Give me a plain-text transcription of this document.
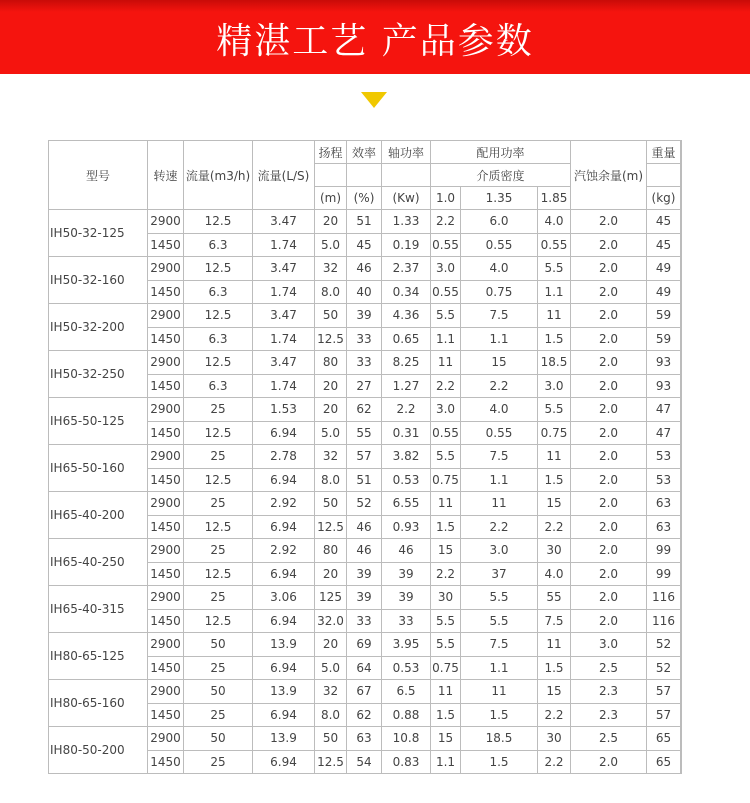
精湛工艺 产品参数
型号	转速	流量(m3/h)	流量(L/S)	扬程	效率	轴功率	配用功率			汽蚀余量(m)	重量	
							介质密度					
				(m)	(%)	(Kw)	1.0	1.35	1.85		(kg)	
IH50-32-125	2900	12.5	3.47	20	51	1.33	2.2	6.0	4.0	2.0	45	
	1450	6.3	1.74	5.0	45	0.19	0.55	0.55	0.55	2.0	45	
IH50-32-160	2900	12.5	3.47	32	46	2.37	3.0	4.0	5.5	2.0	49	
	1450	6.3	1.74	8.0	40	0.34	0.55	0.75	1.1	2.0	49	
IH50-32-200	2900	12.5	3.47	50	39	4.36	5.5	7.5	11	2.0	59	
	1450	6.3	1.74	12.5	33	0.65	1.1	1.1	1.5	2.0	59	
IH50-32-250	2900	12.5	3.47	80	33	8.25	11	15	18.5	2.0	93	
	1450	6.3	1.74	20	27	1.27	2.2	2.2	3.0	2.0	93	
IH65-50-125	2900	25	1.53	20	62	2.2	3.0	4.0	5.5	2.0	47	
	1450	12.5	6.94	5.0	55	0.31	0.55	0.55	0.75	2.0	47	
IH65-50-160	2900	25	2.78	32	57	3.82	5.5	7.5	11	2.0	53	
	1450	12.5	6.94	8.0	51	0.53	0.75	1.1	1.5	2.0	53	
IH65-40-200	2900	25	2.92	50	52	6.55	11	11	15	2.0	63	
	1450	12.5	6.94	12.5	46	0.93	1.5	2.2	2.2	2.0	63	
IH65-40-250	2900	25	2.92	80	46	46	15	3.0	30	2.0	99	
	1450	12.5	6.94	20	39	39	2.2	37	4.0	2.0	99	
IH65-40-315	2900	25	3.06	125	39	39	30	5.5	55	2.0	116	
	1450	12.5	6.94	32.0	33	33	5.5	5.5	7.5	2.0	116	
IH80-65-125	2900	50	13.9	20	69	3.95	5.5	7.5	11	3.0	52	
	1450	25	6.94	5.0	64	0.53	0.75	1.1	1.5	2.5	52	
IH80-65-160	2900	50	13.9	32	67	6.5	11	11	15	2.3	57	
	1450	25	6.94	8.0	62	0.88	1.5	1.5	2.2	2.3	57	
IH80-50-200	2900	50	13.9	50	63	10.8	15	18.5	30	2.5	65	
	1450	25	6.94	12.5	54	0.83	1.1	1.5	2.2	2.0	65	
